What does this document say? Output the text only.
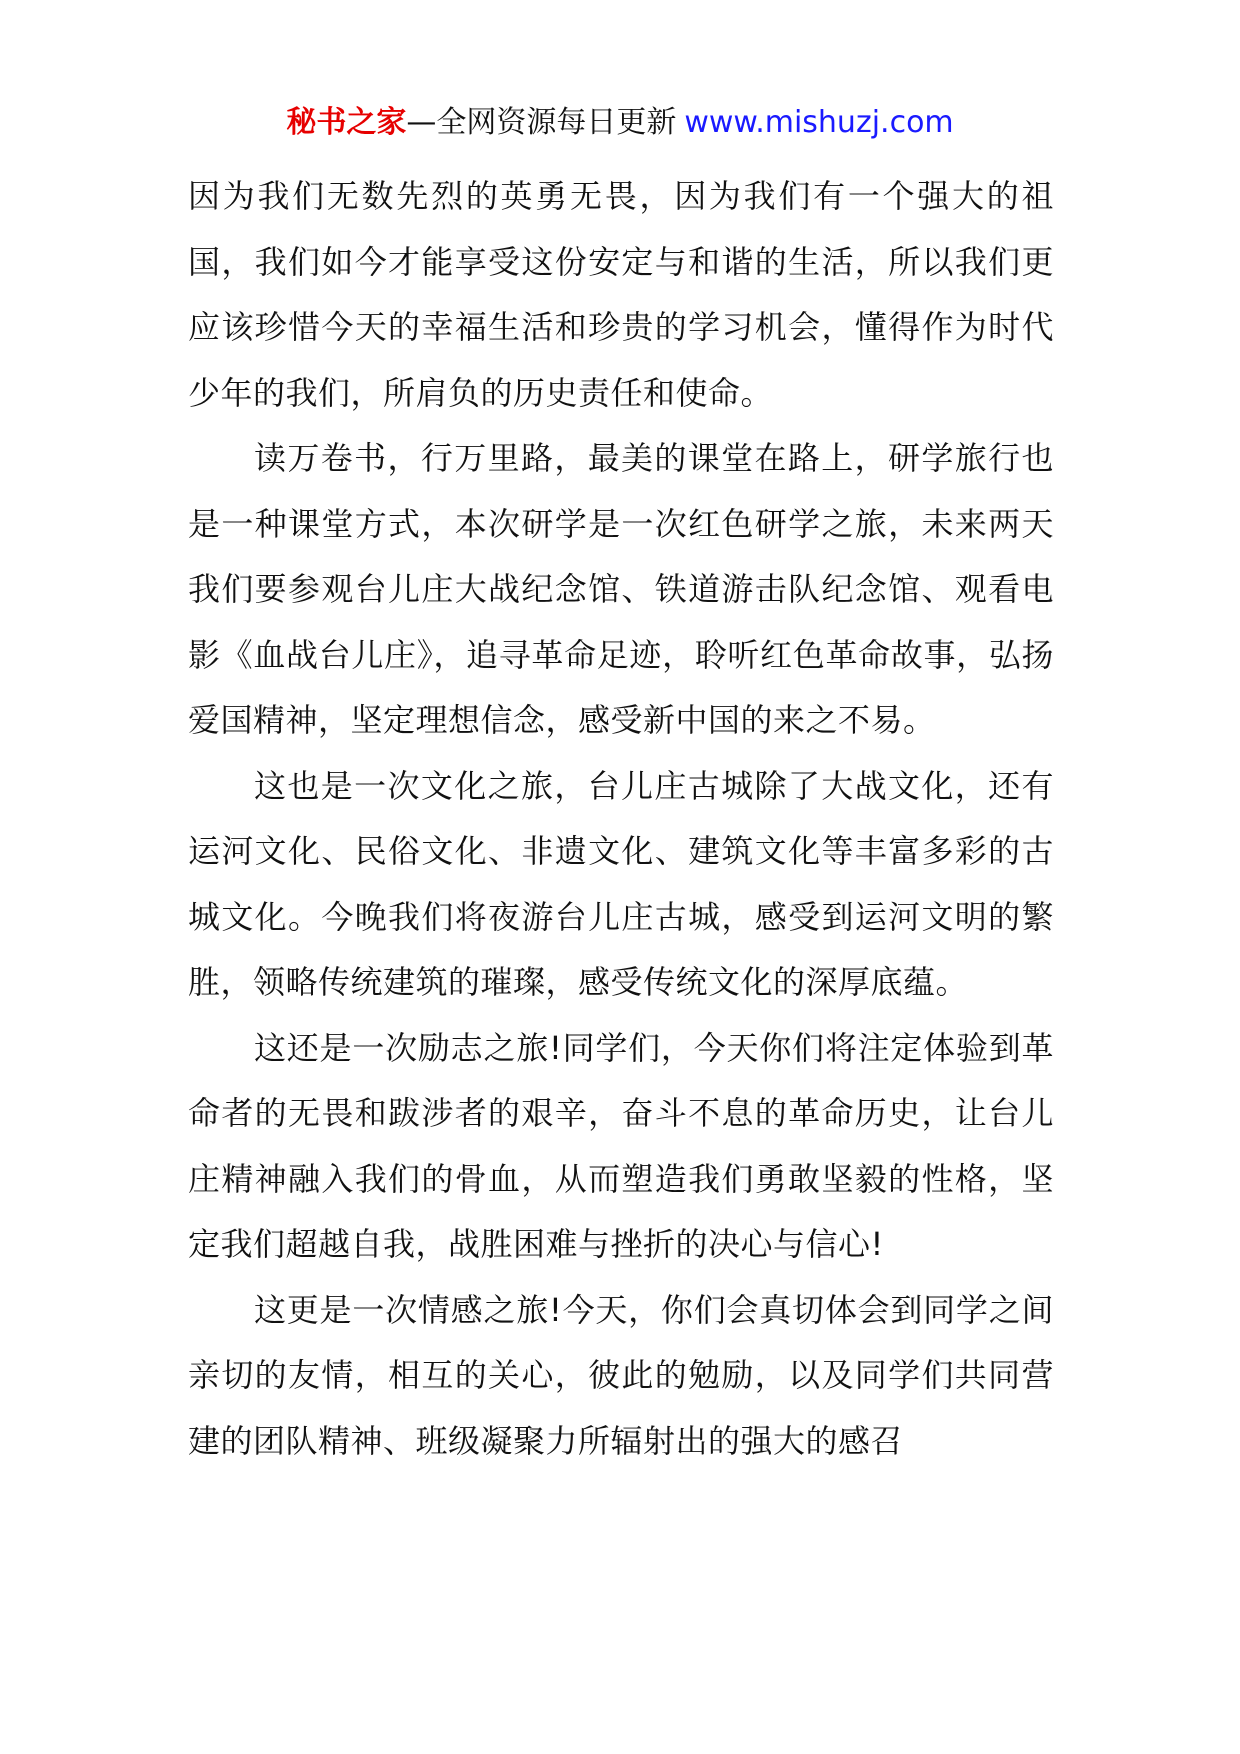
秘书之家—全网资源每日更新 www.mishuzj.com

因为我们无数先烈的英勇无畏，因为我们有一个强大的祖国，我们如今才能享受这份安定与和谐的生活，所以我们更应该珍惜今天的幸福生活和珍贵的学习机会，懂得作为时代少年的我们，所肩负的历史责任和使命。

读万卷书，行万里路，最美的课堂在路上，研学旅行也是一种课堂方式，本次研学是一次红色研学之旅，未来两天我们要参观台儿庄大战纪念馆、铁道游击队纪念馆、观看电影《血战台儿庄》，追寻革命足迹，聆听红色革命故事，弘扬爱国精神，坚定理想信念，感受新中国的来之不易。

这也是一次文化之旅，台儿庄古城除了大战文化，还有运河文化、民俗文化、非遗文化、建筑文化等丰富多彩的古城文化。今晚我们将夜游台儿庄古城，感受到运河文明的繁胜，领略传统建筑的璀璨，感受传统文化的深厚底蕴。

这还是一次励志之旅!同学们，今天你们将注定体验到革命者的无畏和跋涉者的艰辛，奋斗不息的革命历史，让台儿庄精神融入我们的骨血，从而塑造我们勇敢坚毅的性格，坚定我们超越自我，战胜困难与挫折的决心与信心!

这更是一次情感之旅!今天，你们会真切体会到同学之间亲切的友情，相互的关心，彼此的勉励，以及同学们共同营建的团队精神、班级凝聚力所辐射出的强大的感召
